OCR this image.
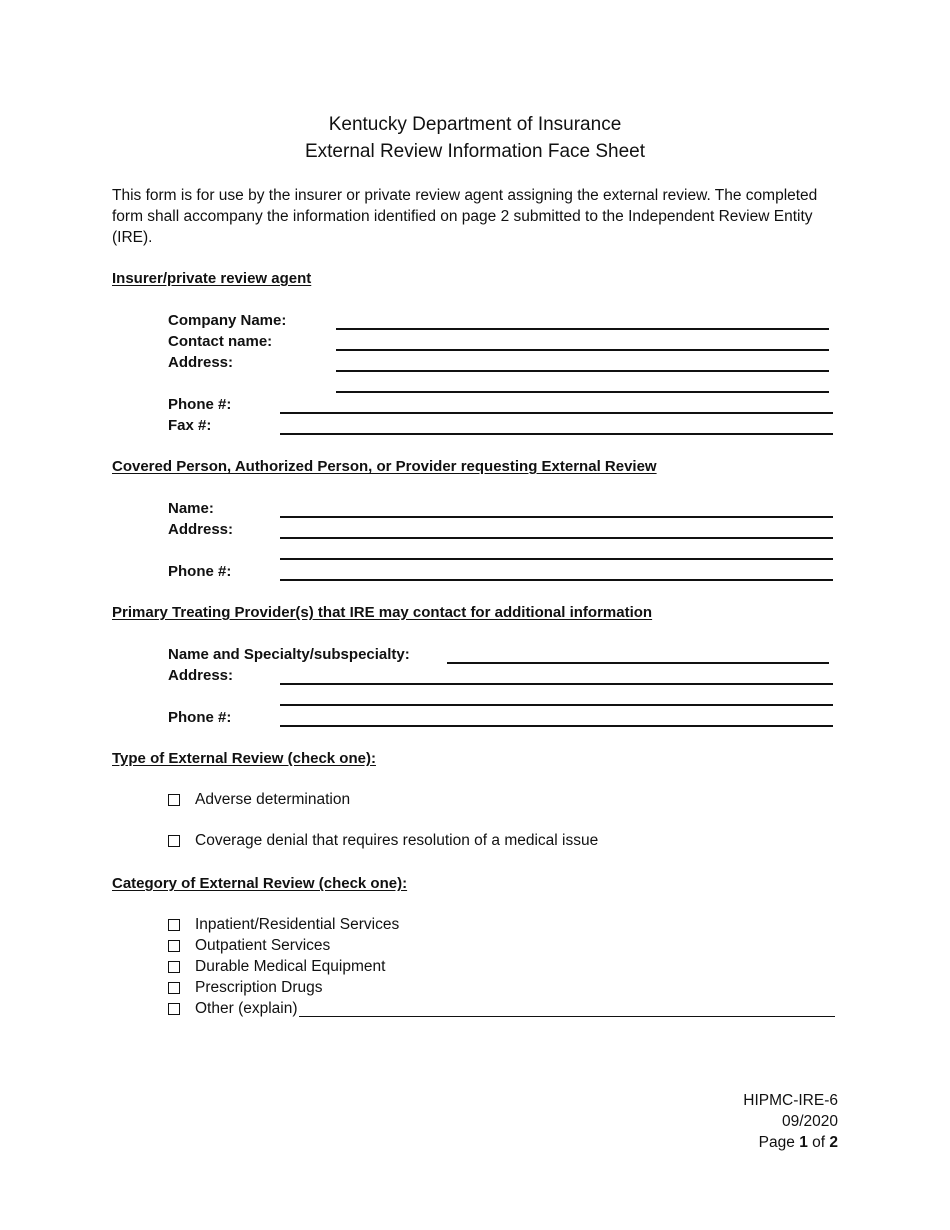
Kentucky Department of Insurance
External Review Information Face Sheet
This form is for use by the insurer or private review agent assigning the external review. The completed form shall accompany the information identified on page 2 submitted to the Independent Review Entity (IRE).
Insurer/private review agent
Company Name:
Contact name:
Address:
Phone #:
Fax #:
Covered Person, Authorized Person, or Provider requesting External Review
Name:
Address:
Phone #:
Primary Treating Provider(s) that IRE may contact for additional information
Name and Specialty/subspecialty:
Address:
Phone #:
Type of External Review (check one):
Adverse determination
Coverage denial that requires resolution of a medical issue
Category of External Review (check one):
Inpatient/Residential Services
Outpatient Services
Durable Medical Equipment
Prescription Drugs
Other (explain)
HIPMC-IRE-6
09/2020
Page 1 of 2
